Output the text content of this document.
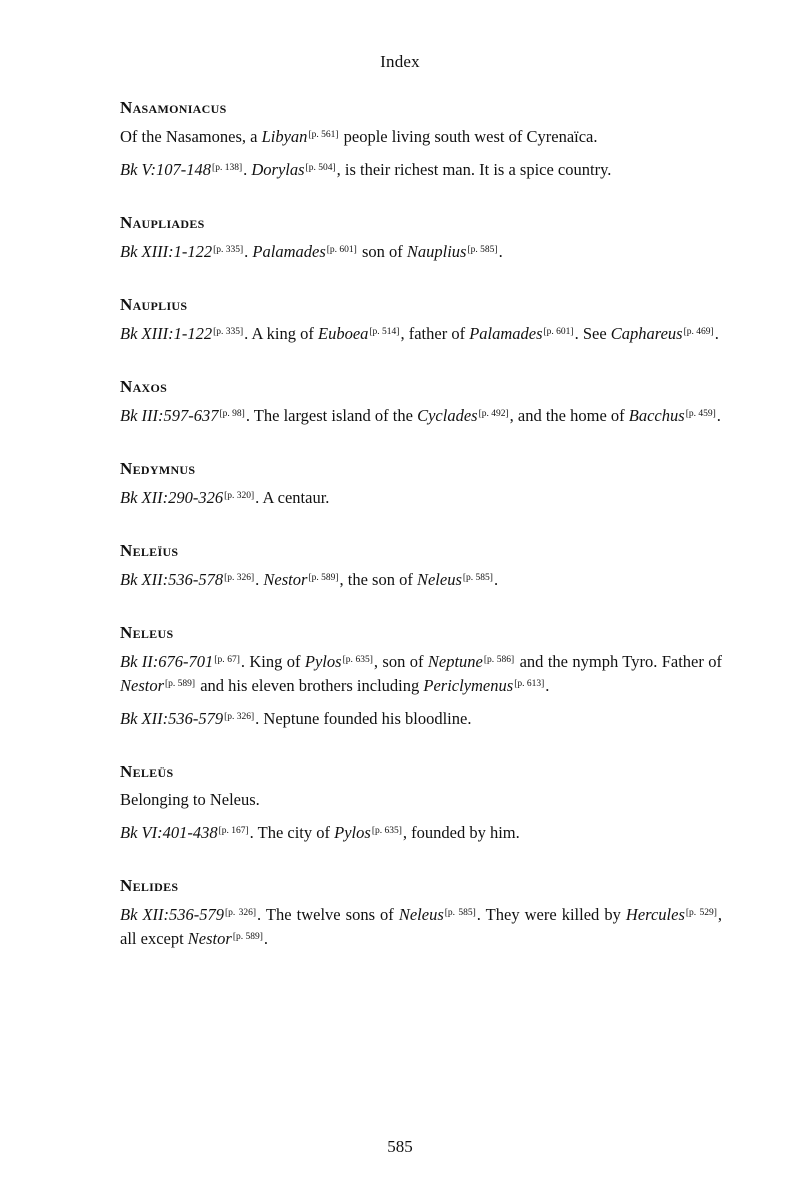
Index
Nasamoniacus

Of the Nasamones, a Libyan[p. 561] people living south west of Cyrenaïca.

Bk V:107-148[p. 138]. Dorylas[p. 504], is their richest man. It is a spice country.

Naupliades

Bk XIII:1-122[p. 335]. Palamades[p. 601] son of Nauplius[p. 585].

Nauplius

Bk XIII:1-122[p. 335]. A king of Euboea[p. 514], father of Palamades[p. 601]. See Caphareus[p. 469].

Naxos

Bk III:597-637[p. 98]. The largest island of the Cyclades[p. 492], and the home of Bacchus[p. 459].

Nedymnus

Bk XII:290-326[p. 320]. A centaur.

Neleïus

Bk XII:536-578[p. 326]. Nestor[p. 589], the son of Neleus[p. 585].

Neleus

Bk II:676-701[p. 67]. King of Pylos[p. 635], son of Neptune[p. 586] and the nymph Tyro. Father of Nestor[p. 589] and his eleven brothers including Periclymenus[p. 613].

Bk XII:536-579[p. 326]. Neptune founded his bloodline.

Neleüs

Belonging to Neleus.

Bk VI:401-438[p. 167]. The city of Pylos[p. 635], founded by him.

Nelides

Bk XII:536-579[p. 326]. The twelve sons of Neleus[p. 585]. They were killed by Hercules[p. 529], all except Nestor[p. 589].

585
